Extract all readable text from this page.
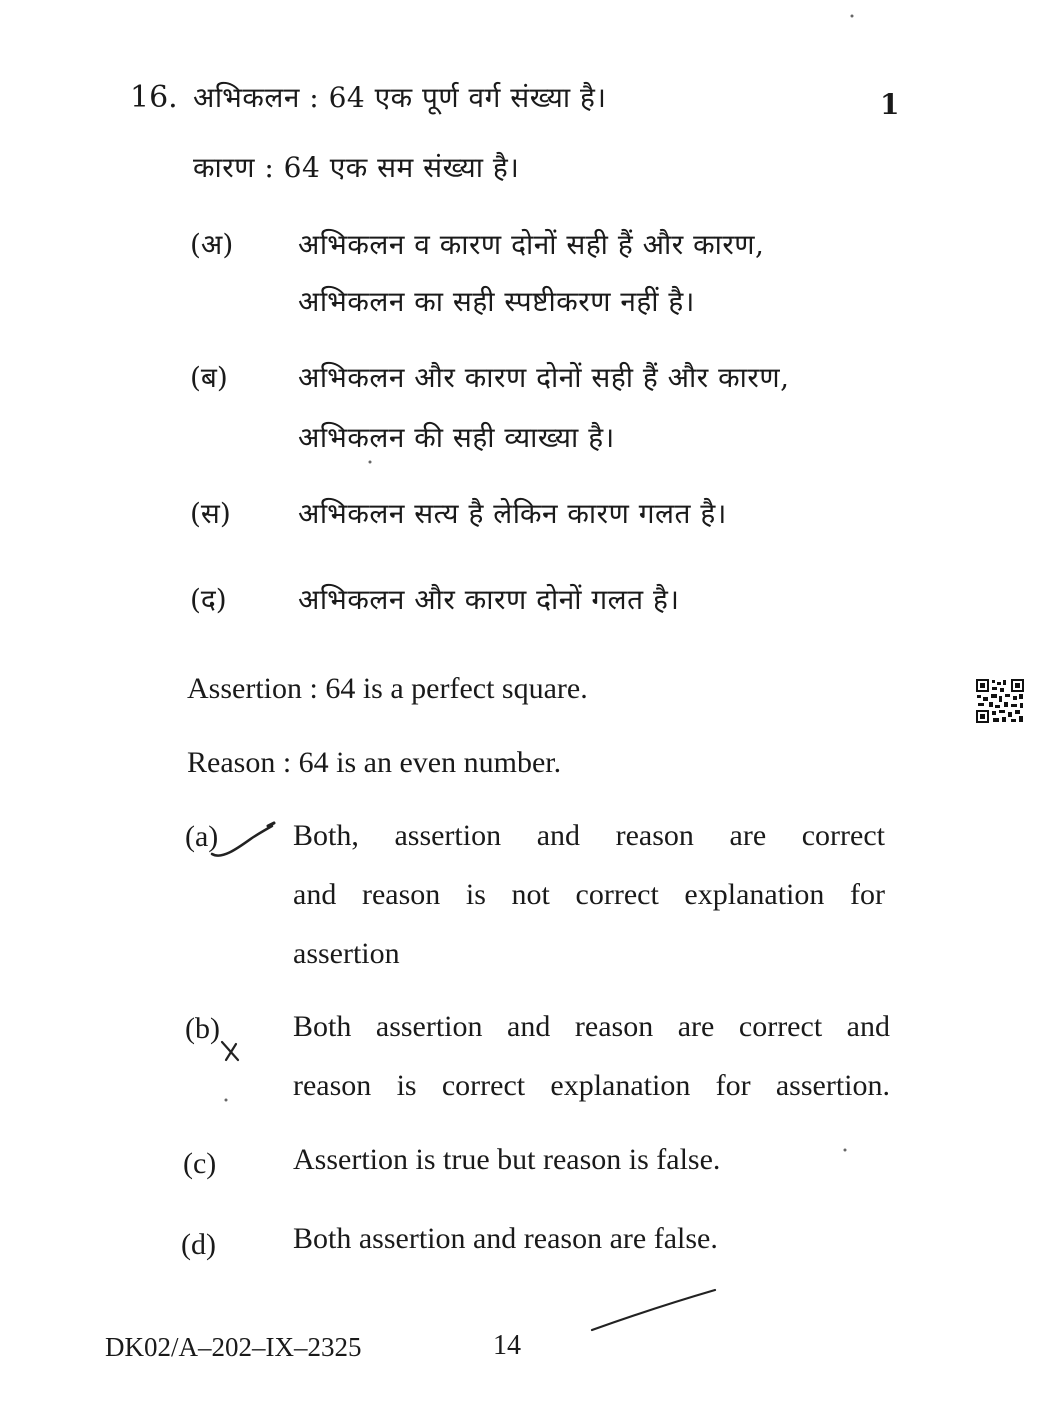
16. अभिकलन : 64 एक पूर्ण वर्ग संख्या है।	1
कारण : 64 एक सम संख्या है।
(अ) अभिकलन व कारण दोनों सही हैं और कारण,
अभिकलन का सही स्पष्टीकरण नहीं है।
(ब)	अभिकलन और कारण दोनों सही हैं और कारण,
अभिकलन की सही व्याख्या है।
(स) अभिकलन सत्य है लेकिन कारण गलत है।
(द)	अभिकलन और कारण दोनों गलत है।
Assertion : 64 is a perfect square.
Reason : 64 is an even number.
(a) Both, assertion and reason are correct
and reason is not correct explanation for
assertion
(b) Both assertion and reason are correct and
reason is correct explanation for assertion.
(c)	Assertion is true but reason is false.
(d)	Both assertion and reason are false.
DK02/A–202–IX–2325	14
